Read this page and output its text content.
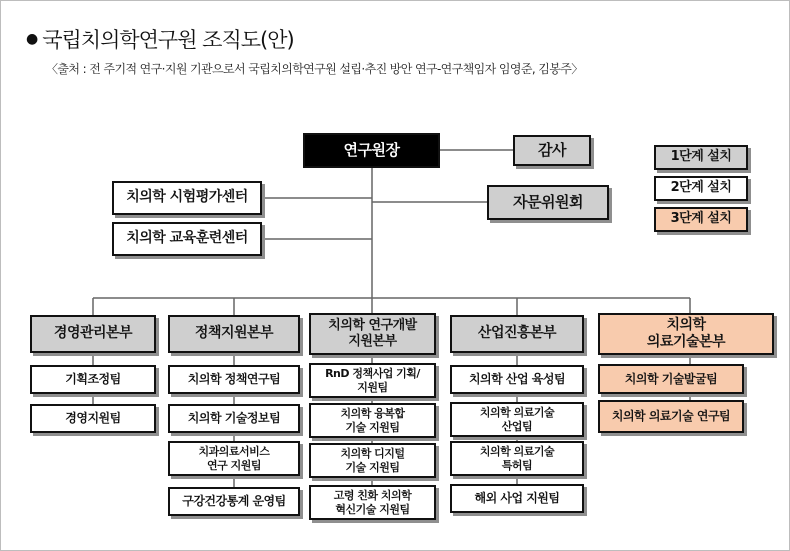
● 국립치의학연구원 조직도(안)
〈출처 : 전 주기적 연구·지원 기관으로서 국립치의학연구원 설립·추진 방안 연구-연구책임자 임영준, 김봉주〉
연구원장	감사
자문위원회
치의학 시험평가센터
치의학 교육훈련센터
1단계 설치
2단계 설치
3단계 설치
경영관리본부	정책지원본부	치의학 연구개발
지원본부
산업진흥본부
치의학
의료기술본부
기획조정팀
경영지원팀
치의학 정책연구팀
치의학 기술정보팀
치과의료서비스
연구 지원팀
구강건강통계 운영팀
RnD 정책사업 기획/
지원팀
치의학 융복합
기술 지원팀
치의학 디지털
기술 지원팀
고령 친화 치의학
혁신기술 지원팀
치의학 산업 육성팀
치의학 의료기술
산업팀
치의학 의료기술
특허팀
해외 사업 지원팀
치의학 기술발굴팀
치의학 의료기술 연구팀
